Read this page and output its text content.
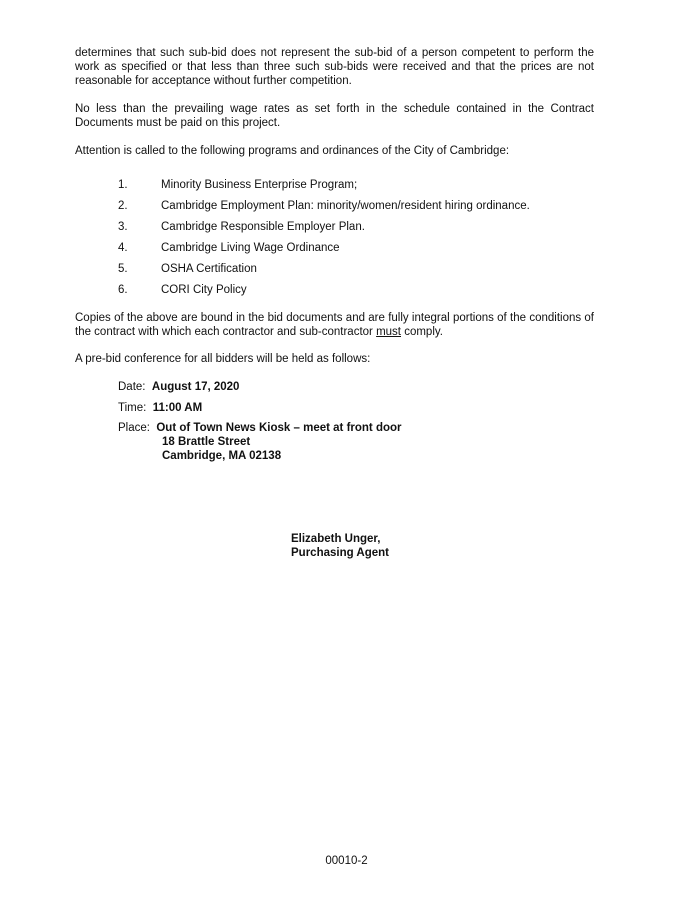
determines that such sub-bid does not represent the sub-bid of a person competent to perform the work as specified or that less than three such sub-bids were received and that the prices are not reasonable for acceptance without further competition.

No less than the prevailing wage rates as set forth in the schedule contained in the Contract Documents must be paid on this project.

Attention is called to the following programs and ordinances of the City of Cambridge:

1.	Minority Business Enterprise Program;
2.	Cambridge Employment Plan: minority/women/resident hiring ordinance.
3.	Cambridge Responsible Employer Plan.
4.	Cambridge Living Wage Ordinance
5.	OSHA Certification
6.	CORI City Policy

Copies of the above are bound in the bid documents and are fully integral portions of the conditions of the contract with which each contractor and sub-contractor must comply.

A pre-bid conference for all bidders will be held as follows:

Date: August 17, 2020
Time: 11:00 AM
Place: Out of Town News Kiosk – meet at front door
18 Brattle Street
Cambridge, MA 02138
Elizabeth Unger,
Purchasing Agent
00010-2
